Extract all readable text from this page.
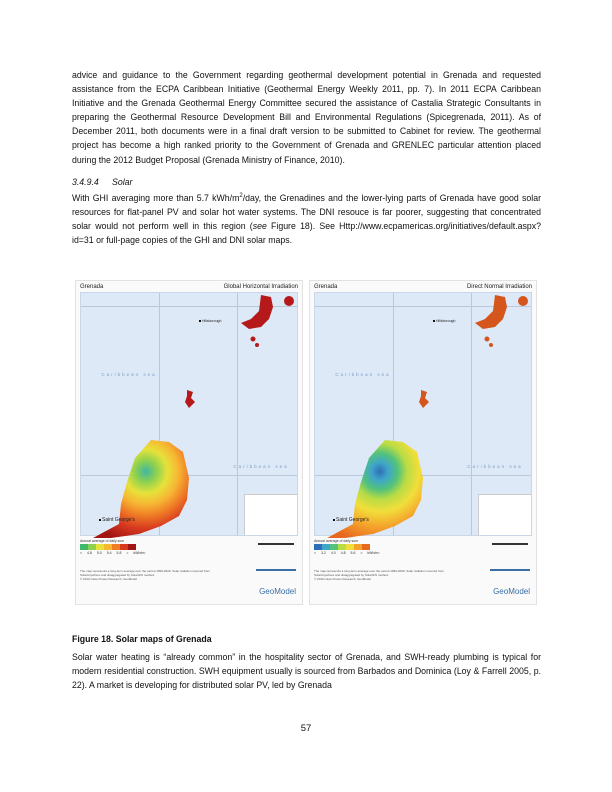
advice and guidance to the Government regarding geothermal development potential in Grenada and requested assistance from the ECPA Caribbean Initiative (Geothermal Energy Weekly 2011, pp. 7). In 2011 ECPA Caribbean Initiative and the Grenada Geothermal Energy Committee secured the assistance of Castalia Strategic Consultants in preparing the Geothermal Resource Development Bill and Environmental Regulations (Spicegrenada, 2011). As of December 2011, both documents were in a final draft version to be submitted to Cabinet for review. The geothermal project has become a high ranked priority to the Government of Grenada and GRENLEC particular attention placed during the 2012 Budget Proposal (Grenada Ministry of Finance, 2010).

3.4.9.4 Solar

With GHI averaging more than 5.7 kWh/$m^2$/day, the Grenadines and the lower-lying parts of Grenada have good solar resources for flat-panel PV and solar hot water systems. The DNI resouce is far poorer, suggesting that concentrated solar would not perform well in this region (see Figure 18). See Http://www.ecpamericas.org/initiatives/default.aspx?id=31 or full-page copies of the GHI and DNI solar maps.

Grenada	Global Horizontal Irradiation
Caribbean sea
Caribbean sea
Hillsborough
Saint George's
Annual average of daily sum
< 4.8 5.0 5.4 5.8 > kWh/m²
The map represents a long-term average over the period 1999-2009. Solar radiation sourced from SolarAnywhere and disaggregated by SolarGIS method.
© 2010 Clean Power Research, GeoModel
GeoModel
Grenada	Direct Normal Irradiation
Caribbean sea
Caribbean sea
Hillsborough
Saint George's
Annual average of daily sum
< 3.2 4.0 4.8 5.6 > kWh/m²
The map represents a long-term average over the period 1999-2009. Solar radiation sourced from SolarAnywhere and disaggregated by SolarGIS method.
© 2010 Clean Power Research, GeoModel
GeoModel
Figure 18. Solar maps of Grenada

Solar water heating is “already common” in the hospitality sector of Grenada, and SWH-ready plumbing is typical for modern residential construction. SWH equipment usually is sourced from Barbados and Dominica (Loy & Farrell 2005, p. 22). A market is developing for distributed solar PV, led by Grenada

57
